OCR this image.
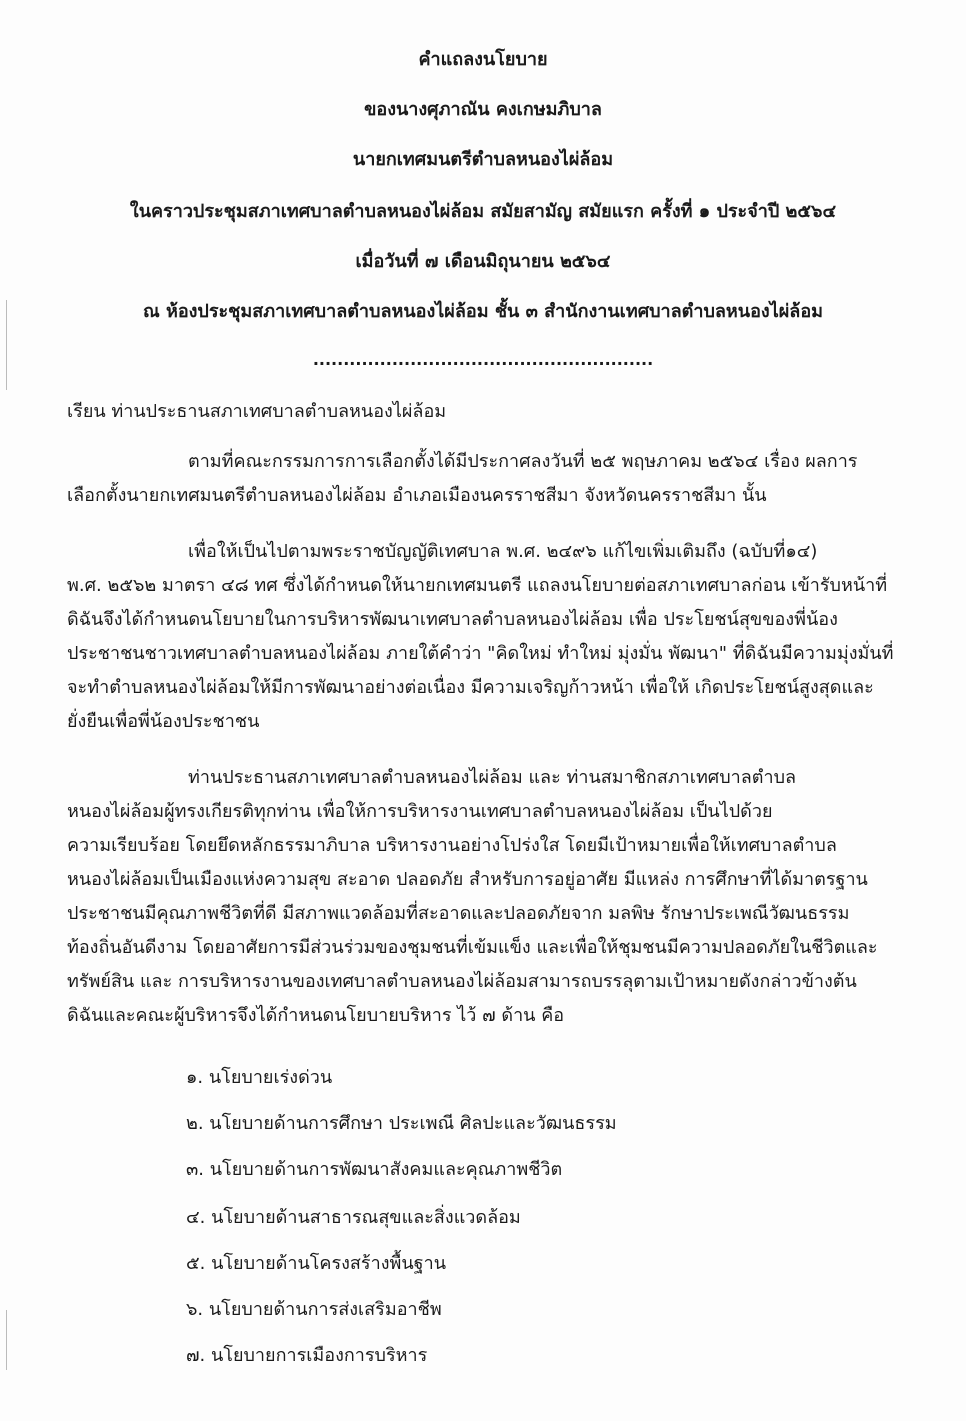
คำแถลงนโยบาย
ของนางศุภาณัน คงเกษมภิบาล
นายกเทศมนตรีตำบลหนองไผ่ล้อม
ในคราวประชุมสภาเทศบาลตำบลหนองไผ่ล้อม สมัยสามัญ สมัยแรก ครั้งที่ ๑ ประจำปี ๒๕๖๔
เมื่อวันที่ ๗ เดือนมิถุนายน ๒๕๖๔
ณ ห้องประชุมสภาเทศบาลตำบลหนองไผ่ล้อม ชั้น ๓ สำนักงานเทศบาลตำบลหนองไผ่ล้อม
........................................................
เรียน ท่านประธานสภาเทศบาลตำบลหนองไผ่ล้อม
ตามที่คณะกรรมการการเลือกตั้งได้มีประกาศลงวันที่ ๒๕ พฤษภาคม ๒๕๖๔ เรื่อง ผลการ
เลือกตั้งนายกเทศมนตรีตำบลหนองไผ่ล้อม อำเภอเมืองนครราชสีมา จังหวัดนครราชสีมา นั้น
เพื่อให้เป็นไปตามพระราชบัญญัติเทศบาล พ.ศ. ๒๔๙๖ แก้ไขเพิ่มเติมถึง (ฉบับที่๑๔)
พ.ศ. ๒๕๖๒ มาตรา ๔๘ ทศ ซึ่งได้กำหนดให้นายกเทศมนตรี แถลงนโยบายต่อสภาเทศบาลก่อน เข้ารับหน้าที่
ดิฉันจึงได้กำหนดนโยบายในการบริหารพัฒนาเทศบาลตำบลหนองไผ่ล้อม เพื่อ ประโยชน์สุขของพี่น้อง
ประชาชนชาวเทศบาลตำบลหนองไผ่ล้อม ภายใต้คำว่า "คิดใหม่ ทำใหม่ มุ่งมั่น พัฒนา" ที่ดิฉันมีความมุ่งมั่นที่
จะทำตำบลหนองไผ่ล้อมให้มีการพัฒนาอย่างต่อเนื่อง มีความเจริญก้าวหน้า เพื่อให้ เกิดประโยชน์สูงสุดและ
ยั่งยืนเพื่อพี่น้องประชาชน
ท่านประธานสภาเทศบาลตำบลหนองไผ่ล้อม และ ท่านสมาชิกสภาเทศบาลตำบล
หนองไผ่ล้อมผู้ทรงเกียรติทุกท่าน เพื่อให้การบริหารงานเทศบาลตำบลหนองไผ่ล้อม เป็นไปด้วย
ความเรียบร้อย โดยยึดหลักธรรมาภิบาล บริหารงานอย่างโปร่งใส โดยมีเป้าหมายเพื่อให้เทศบาลตำบล
หนองไผ่ล้อมเป็นเมืองแห่งความสุข สะอาด ปลอดภัย สำหรับการอยู่อาศัย มีแหล่ง การศึกษาที่ได้มาตรฐาน
ประชาชนมีคุณภาพชีวิตที่ดี มีสภาพแวดล้อมที่สะอาดและปลอดภัยจาก มลพิษ รักษาประเพณีวัฒนธรรม
ท้องถิ่นอันดีงาม โดยอาศัยการมีส่วนร่วมของชุมชนที่เข้มแข็ง และเพื่อให้ชุมชนมีความปลอดภัยในชีวิตและ
ทรัพย์สิน และ การบริหารงานของเทศบาลตำบลหนองไผ่ล้อมสามารถบรรลุตามเป้าหมายดังกล่าวข้างต้น
ดิฉันและคณะผู้บริหารจึงได้กำหนดนโยบายบริหาร ไว้ ๗ ด้าน คือ
๑. นโยบายเร่งด่วน
๒. นโยบายด้านการศึกษา ประเพณี ศิลปะและวัฒนธรรม
๓. นโยบายด้านการพัฒนาสังคมและคุณภาพชีวิต
๔. นโยบายด้านสาธารณสุขและสิ่งแวดล้อม
๕. นโยบายด้านโครงสร้างพื้นฐาน
๖. นโยบายด้านการส่งเสริมอาชีพ
๗. นโยบายการเมืองการบริหาร
